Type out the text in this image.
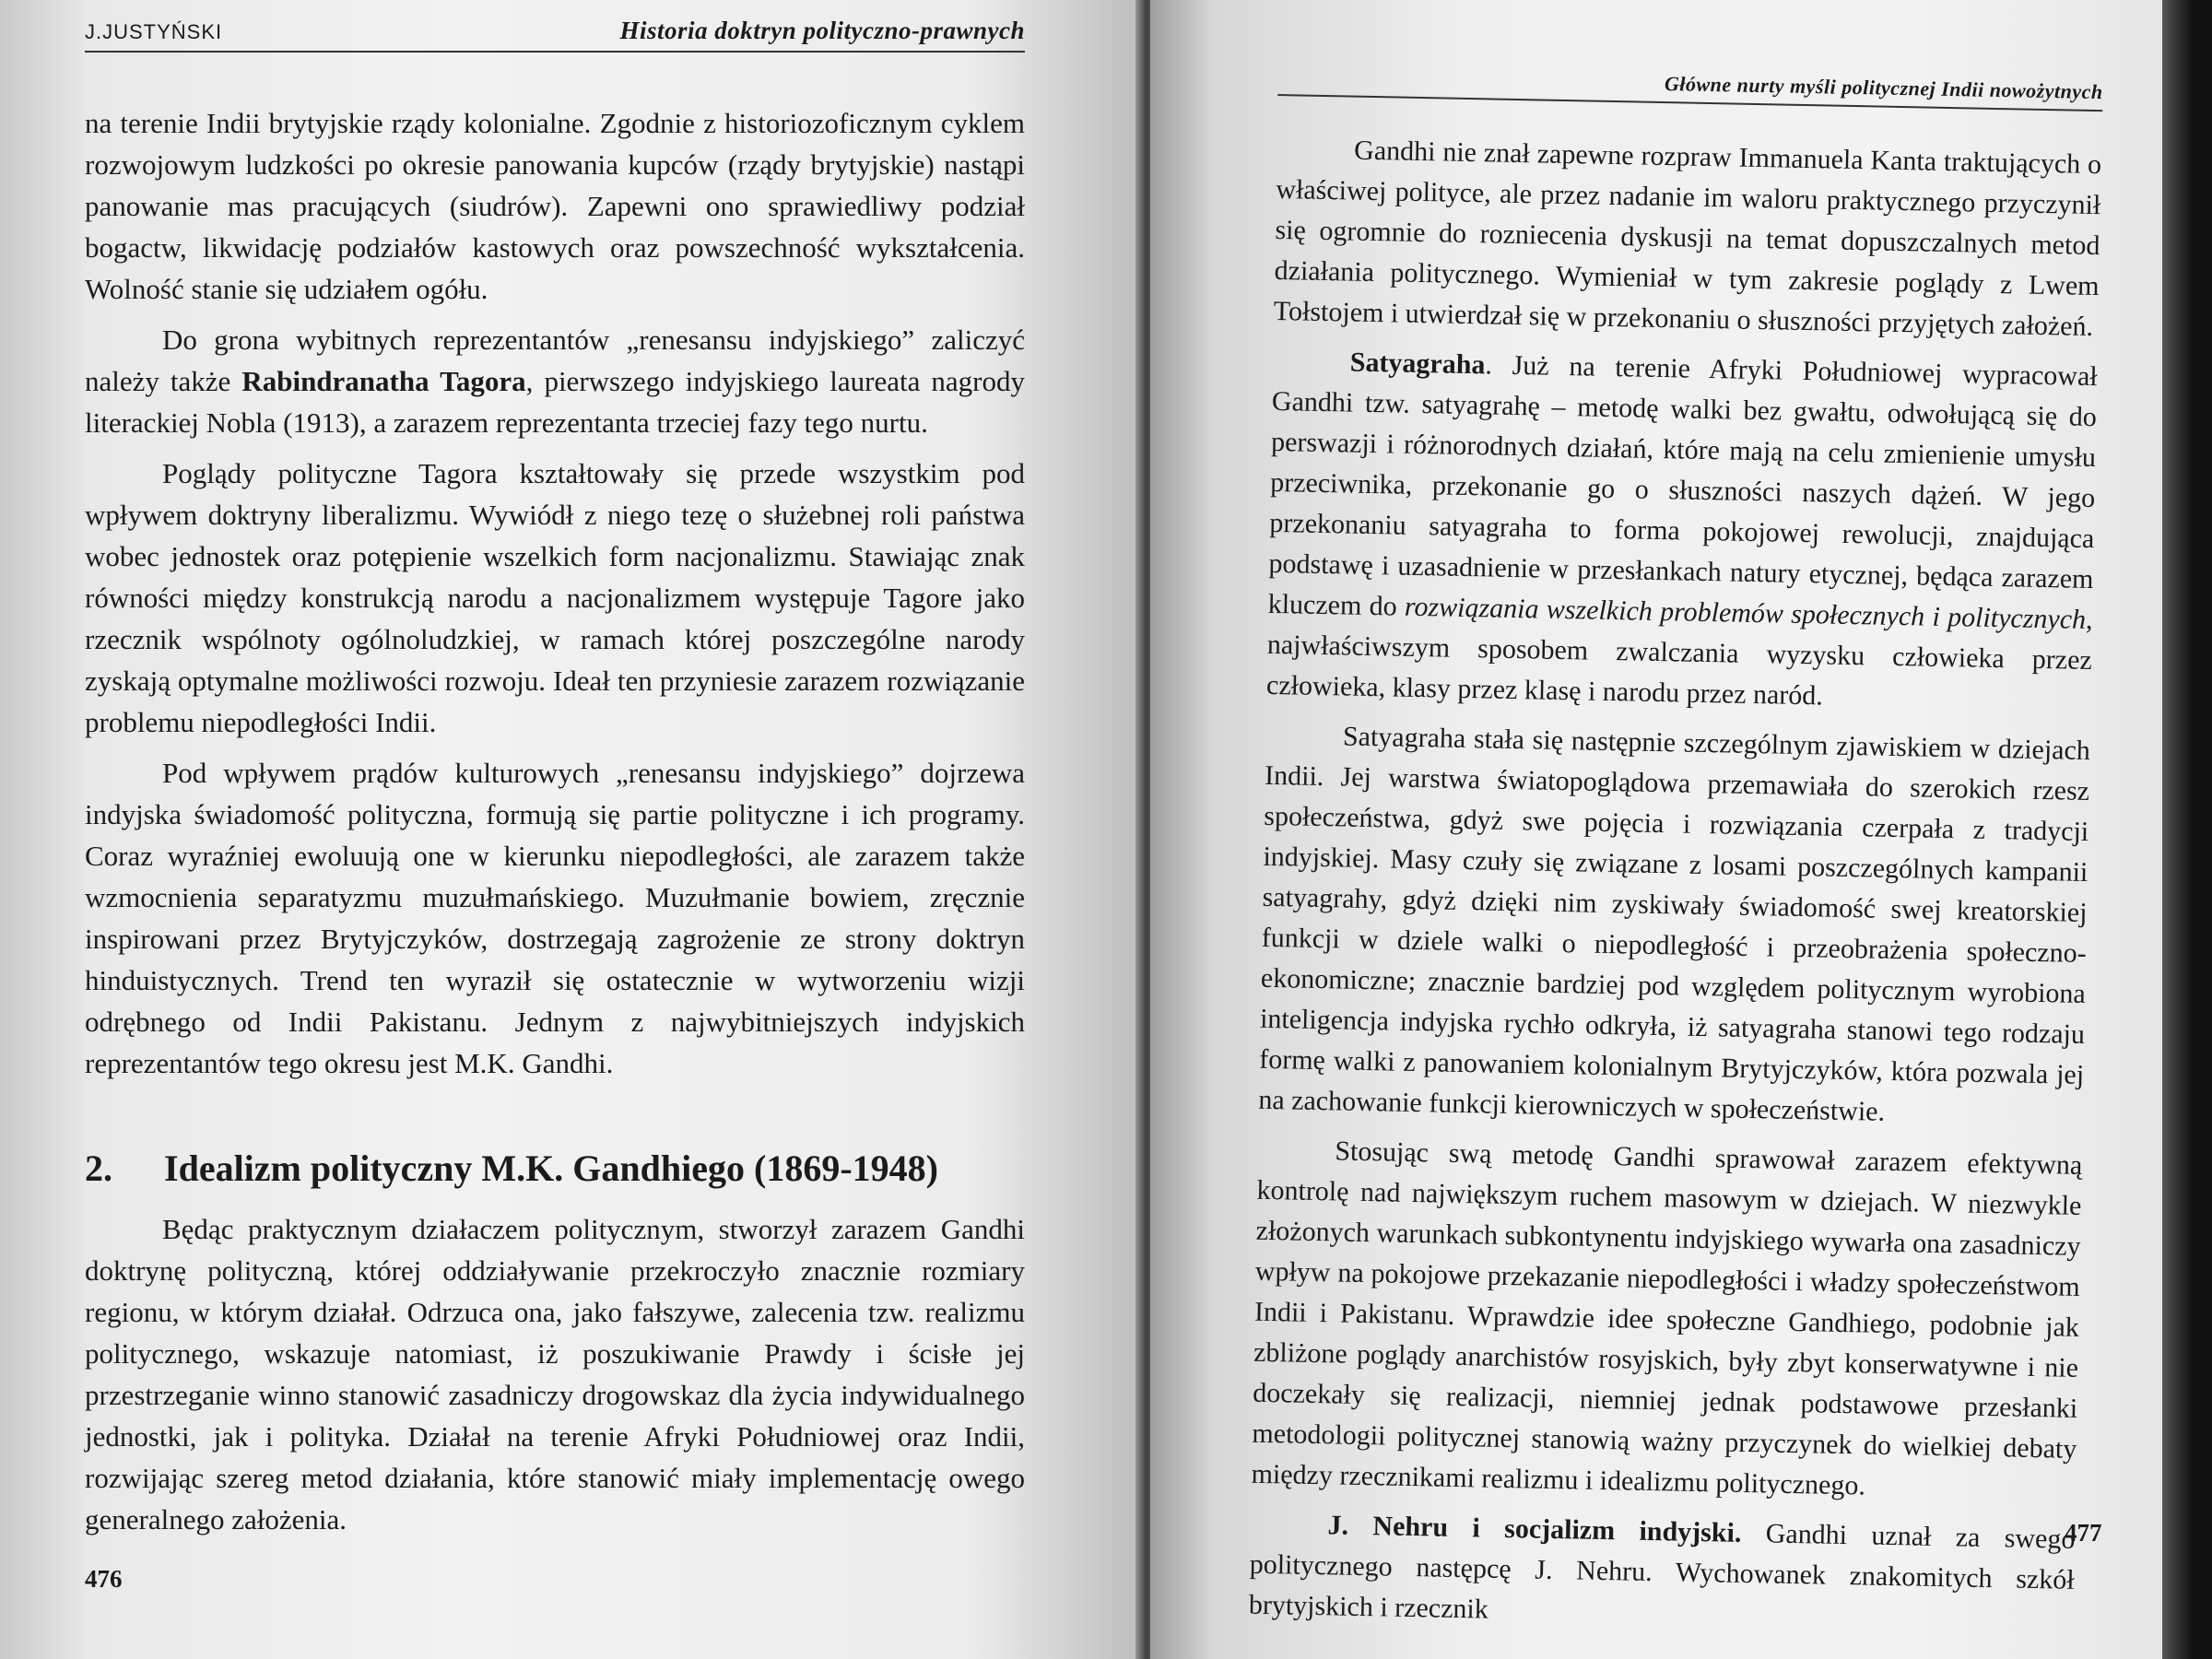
J.JUSTYŃSKI	Historia doktryn polityczno-prawnych

na terenie Indii brytyjskie rządy kolonialne. Zgodnie z historiozoficznym cyklem rozwojowym ludzkości po okresie panowania kupców (rządy brytyjskie) nastąpi panowanie mas pracujących (siudrów). Zapewni ono sprawiedliwy podział bogactw, likwidację podziałów kastowych oraz powszechność wykształcenia. Wolność stanie się udziałem ogółu.

Do grona wybitnych reprezentantów „renesansu indyjskiego” zaliczyć należy także Rabindranatha Tagora, pierwszego indyjskiego laureata nagrody literackiej Nobla (1913), a zarazem reprezentanta trzeciej fazy tego nurtu.

Poglądy polityczne Tagora kształtowały się przede wszystkim pod wpływem doktryny liberalizmu. Wywiódł z niego tezę o służebnej roli państwa wobec jednostek oraz potępienie wszelkich form nacjonalizmu. Stawiając znak równości między konstrukcją narodu a nacjonalizmem występuje Tagore jako rzecznik wspólnoty ogólnoludzkiej, w ramach której poszczególne narody zyskają optymalne możliwości rozwoju. Ideał ten przyniesie zarazem rozwiązanie problemu niepodległości Indii.

Pod wpływem prądów kulturowych „renesansu indyjskiego” dojrzewa indyjska świadomość polityczna, formują się partie polityczne i ich programy. Coraz wyraźniej ewoluują one w kierunku niepodległości, ale zarazem także wzmocnienia separatyzmu muzułmańskiego. Muzułmanie bowiem, zręcznie inspirowani przez Brytyjczyków, dostrzegają zagrożenie ze strony doktryn hinduistycznych. Trend ten wyraził się ostatecznie w wytworzeniu wizji odrębnego od Indii Pakistanu. Jednym z najwybitniejszych indyjskich reprezentantów tego okresu jest M.K. Gandhi.

2. Idealizm polityczny M.K. Gandhiego (1869-1948)

Będąc praktycznym działaczem politycznym, stworzył zarazem Gandhi doktrynę polityczną, której oddziaływanie przekroczyło znacznie rozmiary regionu, w którym działał. Odrzuca ona, jako fałszywe, zalecenia tzw. realizmu politycznego, wskazuje natomiast, iż poszukiwanie Prawdy i ścisłe jej przestrzeganie winno stanowić zasadniczy drogowskaz dla życia indywidualnego jednostki, jak i polityka. Działał na terenie Afryki Południowej oraz Indii, rozwijając szereg metod działania, które stanowić miały implementację owego generalnego założenia.

476
Główne nurty myśli politycznej Indii nowożytnych

Gandhi nie znał zapewne rozpraw Immanuela Kanta traktujących o właściwej polityce, ale przez nadanie im waloru praktycznego przyczynił się ogromnie do rozniecenia dyskusji na temat dopuszczalnych metod działania politycznego. Wymieniał w tym zakresie poglądy z Lwem Tołstojem i utwierdzał się w przekonaniu o słuszności przyjętych założeń.

Satyagraha. Już na terenie Afryki Południowej wypracował Gandhi tzw. satyagrahę – metodę walki bez gwałtu, odwołującą się do perswazji i różnorodnych działań, które mają na celu zmienienie umysłu przeciwnika, przekonanie go o słuszności naszych dążeń. W jego przekonaniu satyagraha to forma pokojowej rewolucji, znajdująca podstawę i uzasadnienie w przesłankach natury etycznej, będąca zarazem kluczem do rozwiązania wszelkich problemów społecznych i politycznych, najwłaściwszym sposobem zwalczania wyzysku człowieka przez człowieka, klasy przez klasę i narodu przez naród.

Satyagraha stała się następnie szczególnym zjawiskiem w dziejach Indii. Jej warstwa światopoglądowa przemawiała do szerokich rzesz społeczeństwa, gdyż swe pojęcia i rozwiązania czerpała z tradycji indyjskiej. Masy czuły się związane z losami poszczególnych kampanii satyagrahy, gdyż dzięki nim zyskiwały świadomość swej kreatorskiej funkcji w dziele walki o niepodległość i przeobrażenia społeczno-ekonomiczne; znacznie bardziej pod względem politycznym wyrobiona inteligencja indyjska rychło odkryła, iż satyagraha stanowi tego rodzaju formę walki z panowaniem kolonialnym Brytyjczyków, która pozwala jej na zachowanie funkcji kierowniczych w społeczeństwie.

Stosując swą metodę Gandhi sprawował zarazem efektywną kontrolę nad największym ruchem masowym w dziejach. W niezwykle złożonych warunkach subkontynentu indyjskiego wywarła ona zasadniczy wpływ na pokojowe przekazanie niepodległości i władzy społeczeństwom Indii i Pakistanu. Wprawdzie idee społeczne Gandhiego, podobnie jak zbliżone poglądy anarchistów rosyjskich, były zbyt konserwatywne i nie doczekały się realizacji, niemniej jednak podstawowe przesłanki metodologii politycznej stanowią ważny przyczynek do wielkiej debaty między rzecznikami realizmu i idealizmu politycznego.

J. Nehru i socjalizm indyjski. Gandhi uznał za swego politycznego następcę J. Nehru. Wychowanek znakomitych szkół brytyjskich i rzecznik

477
